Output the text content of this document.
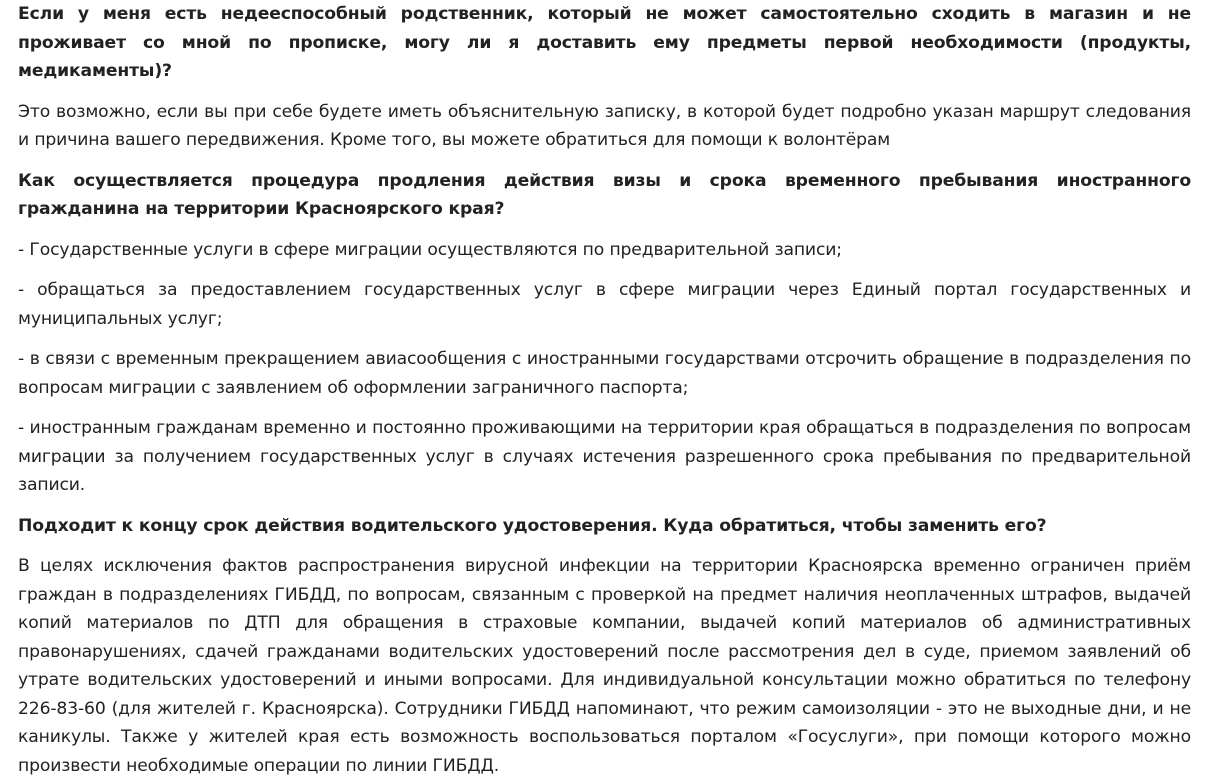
Если у меня есть недееспособный родственник, который не может самостоятельно сходить в магазин и не проживает со мной по прописке, могу ли я доставить ему предметы первой необходимости (продукты, медикаменты)?

Это возможно, если вы при себе будете иметь объяснительную записку, в которой будет подробно указан маршрут следования и причина вашего передвижения. Кроме того, вы можете обратиться для помощи к волонтёрам

Как осуществляется процедура продления действия визы и срока временного пребывания иностранного гражданина на территории Красноярского края?

- Государственные услуги в сфере миграции осуществляются по предварительной записи;

- обращаться за предоставлением государственных услуг в сфере миграции через Единый портал государственных и муниципальных услуг;

- в связи с временным прекращением авиасообщения с иностранными государствами отсрочить обращение в подразделения по вопросам миграции с заявлением об оформлении заграничного паспорта;

- иностранным гражданам временно и постоянно проживающими на территории края обращаться в подразделения по вопросам миграции за получением государственных услуг в случаях истечения разрешенного срока пребывания по предварительной записи.

Подходит к концу срок действия водительского удостоверения. Куда обратиться, чтобы заменить его?

В целях исключения фактов распространения вирусной инфекции на территории Красноярска временно ограничен приём граждан в подразделениях ГИБДД, по вопросам, связанным с проверкой на предмет наличия неоплаченных штрафов, выдачей копий материалов по ДТП для обращения в страховые компании, выдачей копий материалов об административных правонарушениях, сдачей гражданами водительских удостоверений после рассмотрения дел в суде, приемом заявлений об утрате водительских удостоверений и иными вопросами. Для индивидуальной консультации можно обратиться по телефону 226-83-60 (для жителей г. Красноярска). Сотрудники ГИБДД напоминают, что режим самоизоляции - это не выходные дни, и не каникулы. Также у жителей края есть возможность воспользоваться порталом «Госуслуги», при помощи которого можно произвести необходимые операции по линии ГИБДД.
